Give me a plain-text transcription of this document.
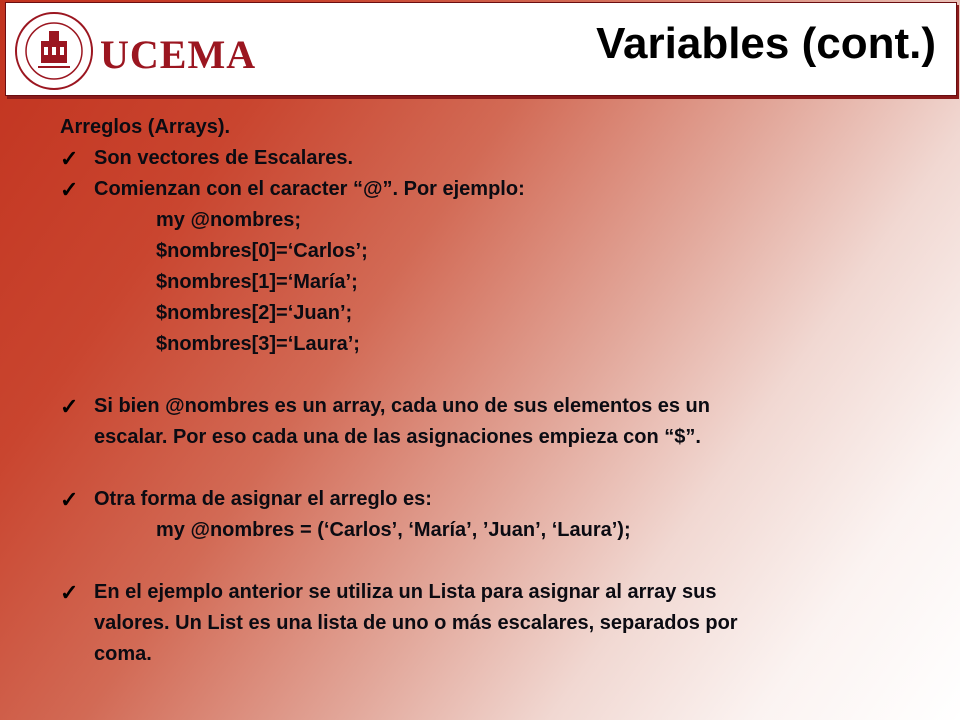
UCEMA	Variables (cont.)
Arreglos (Arrays).
✓ Son vectores de Escalares.
✓ Comienzan con el caracter “@”. Por ejemplo:
my @nombres;
$nombres[0]=‘Carlos’;
$nombres[1]=‘María’;
$nombres[2]=‘Juan’;
$nombres[3]=‘Laura’;
✓ Si bien @nombres es un array, cada uno de sus elementos es un
escalar. Por eso cada una de las asignaciones empieza con “$”.
✓ Otra forma de asignar el arreglo es:
my @nombres = (‘Carlos’, ‘María’, ’Juan’, ‘Laura’);
✓ En el ejemplo anterior se utiliza un Lista para asignar al array sus
valores. Un List es una lista de uno o más escalares, separados por
coma.
